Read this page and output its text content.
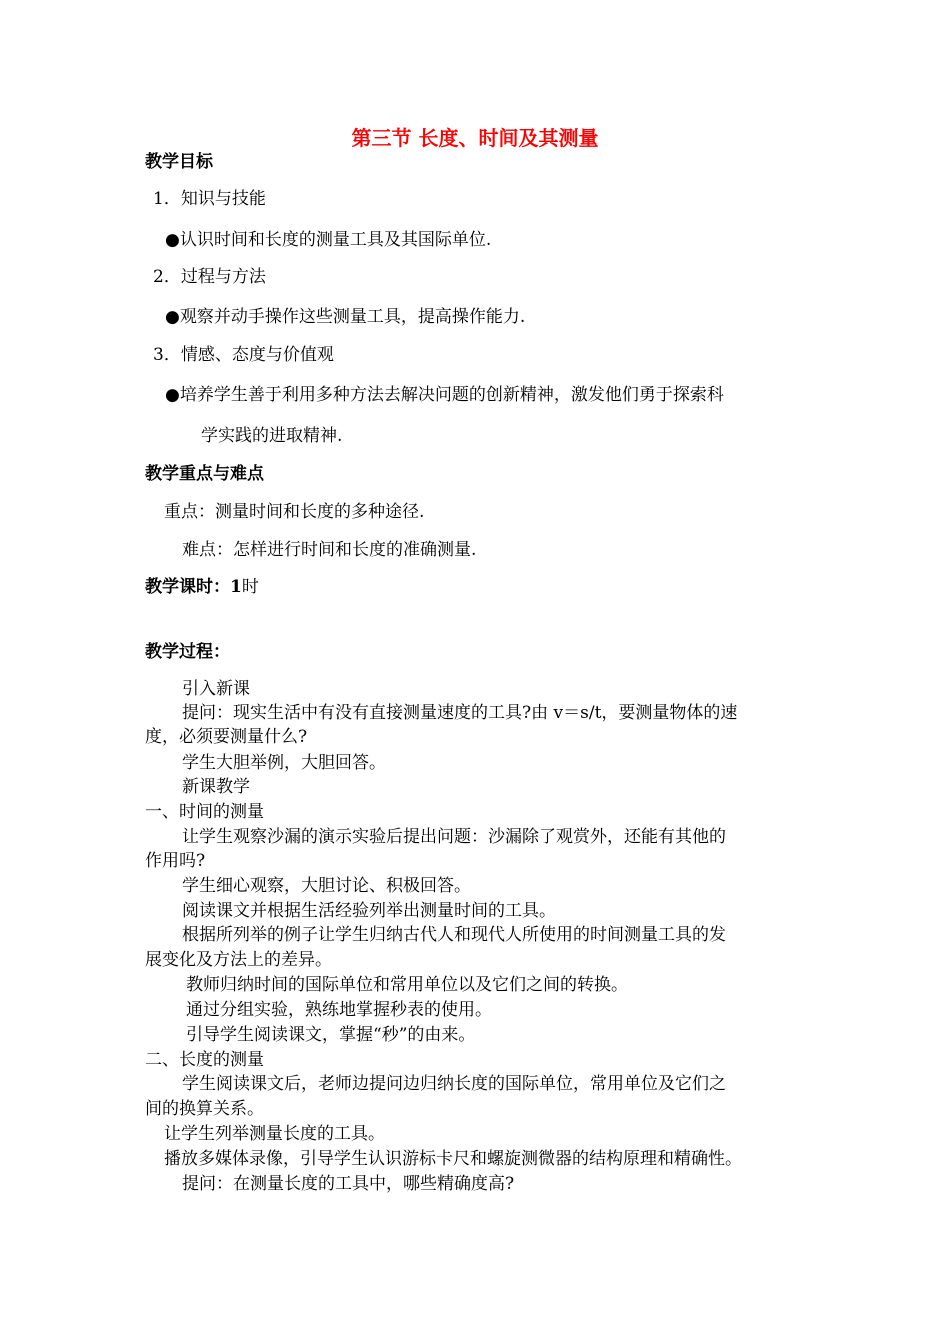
第三节 长度、时间及其测量
教学目标
1．知识与技能
●认识时间和长度的测量工具及其国际单位.
2．过程与方法
●观察并动手操作这些测量工具，提高操作能力.
3．情感、态度与价值观
●培养学生善于利用多种方法去解决问题的创新精神，激发他们勇于探索科
学实践的进取精神.
教学重点与难点
重点：测量时间和长度的多种途径.
难点：怎样进行时间和长度的准确测量.
教学课时：1时
教学过程：
引入新课
提问：现实生活中有没有直接测量速度的工具?由 v＝s/t，要测量物体的速
度，必须要测量什么?
学生大胆举例，大胆回答。
新课教学
一、时间的测量
让学生观察沙漏的演示实验后提出问题：沙漏除了观赏外，还能有其他的
作用吗?
学生细心观察，大胆讨论、积极回答。
阅读课文并根据生活经验列举出测量时间的工具。
根据所列举的例子让学生归纳古代人和现代人所使用的时间测量工具的发
展变化及方法上的差异。
教师归纳时间的国际单位和常用单位以及它们之间的转换。
通过分组实验，熟练地掌握秒表的使用。
引导学生阅读课文，掌握“秒”的由来。
二、长度的测量
学生阅读课文后，老师边提问边归纳长度的国际单位，常用单位及它们之
间的换算关系。
让学生列举测量长度的工具。
播放多媒体录像，引导学生认识游标卡尺和螺旋测微器的结构原理和精确性。
提问：在测量长度的工具中，哪些精确度高?
